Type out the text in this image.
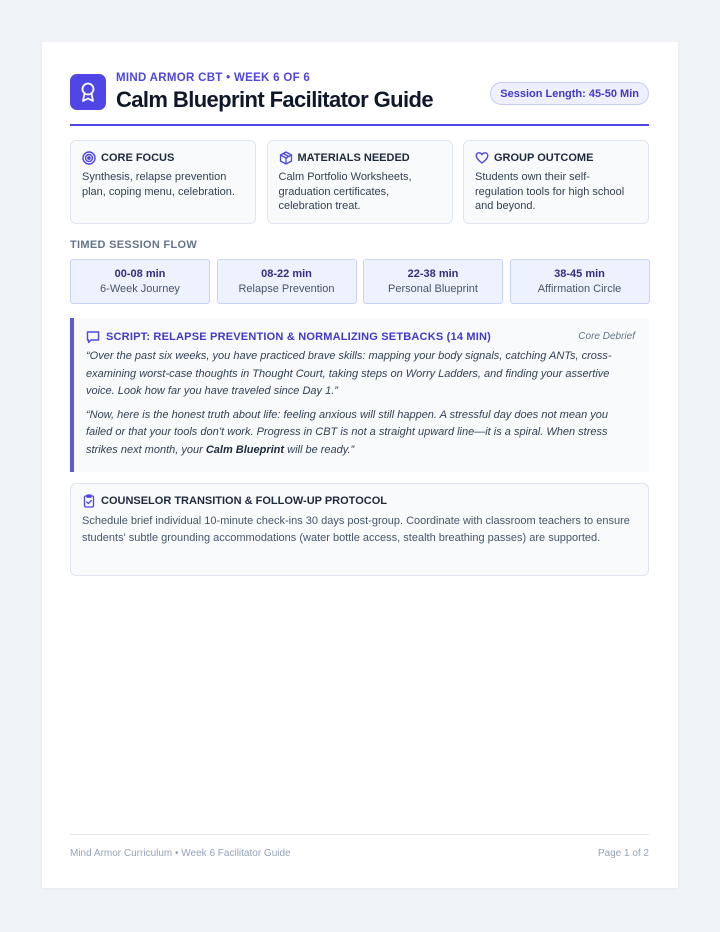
MIND ARMOR CBT • WEEK 6 OF 6
Calm Blueprint Facilitator Guide	Session Length: 45-50 Min
CORE FOCUS
Synthesis, relapse prevention plan, coping menu, celebration.
MATERIALS NEEDED
Calm Portfolio Worksheets, graduation certificates, celebration treat.
GROUP OUTCOME
Students own their self-regulation tools for high school and beyond.
TIMED SESSION FLOW
00-08 min
6-Week Journey
08-22 min
Relapse Prevention
22-38 min
Personal Blueprint
38-45 min
Affirmation Circle
SCRIPT: RELAPSE PREVENTION & NORMALIZING SETBACKS (14 MIN)	Core Debrief

“Over the past six weeks, you have practiced brave skills: mapping your body signals, catching ANTs, cross-examining worst-case thoughts in Thought Court, taking steps on Worry Ladders, and finding your assertive voice. Look how far you have traveled since Day 1.”

“Now, here is the honest truth about life: feeling anxious will still happen. A stressful day does not mean you failed or that your tools don’t work. Progress in CBT is not a straight upward line—it is a spiral. When stress strikes next month, your Calm Blueprint will be ready.”

COUNSELOR TRANSITION & FOLLOW-UP PROTOCOL
Schedule brief individual 10-minute check-ins 30 days post-group. Coordinate with classroom teachers to ensure students' subtle grounding accommodations (water bottle access, stealth breathing passes) are supported.
Mind Armor Curriculum • Week 6 Facilitator Guide	Page 1 of 2
